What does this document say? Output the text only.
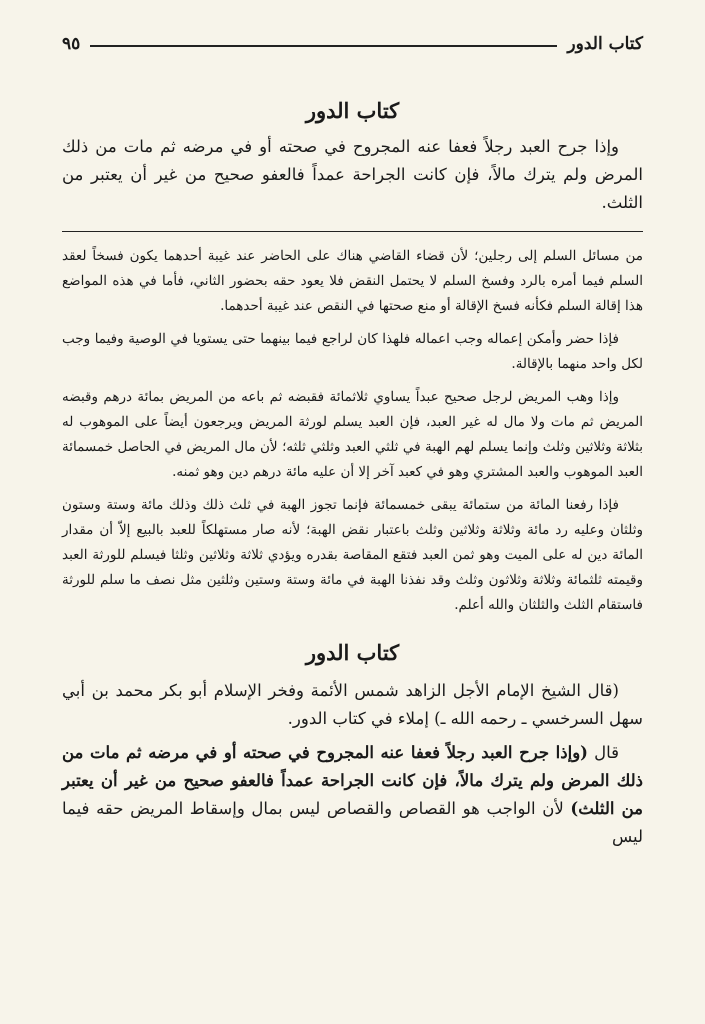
كتاب الدور
٩٥
كتاب الدور

وإذا جرح العبد رجلاً فعفا عنه المجروح في صحته أو في مرضه ثم مات من ذلك المرض ولم يترك مالاً، فإن كانت الجراحة عمداً فالعفو صحيح من غير أن يعتبر من الثلث.

من مسائل السلم إلى رجلين؛ لأن قضاء القاضي هناك على الحاضر عند غيبة أحدهما يكون فسخاً لعقد السلم فيما أمره بالرد وفسخ السلم لا يحتمل النقض فلا يعود حقه بحضور الثاني، فأما في هذه المواضع هذا إقالة السلم فكأنه فسخ الإقالة أو منع صحتها في النقص عند غيبة أحدهما.

فإذا حضر وأمكن إعماله وجب اعماله فلهذا كان لراجع فيما بينهما حتى يستويا في الوصية وفيما وجب لكل واحد منهما بالإقالة.

وإذا وهب المريض لرجل صحيح عبداً يساوي ثلاثمائة فقبضه ثم باعه من المريض بمائة درهم وقبضه المريض ثم مات ولا مال له غير العبد، فإن العبد يسلم لورثة المريض ويرجعون أيضاً على الموهوب له بثلاثة وثلاثين وثلث وإنما يسلم لهم الهبة في ثلثي العبد وثلثي ثلثه؛ لأن مال المريض في الحاصل خمسمائة العبد الموهوب والعبد المشتري وهو في كعبد آخر إلا أن عليه مائة درهم دين وهو ثمنه.

فإذا رفعنا المائة من ستمائة يبقى خمسمائة فإنما تجوز الهبة في ثلث ذلك وذلك مائة وستة وستون وثلثان وعليه رد مائة وثلاثة وثلاثين وثلث باعتبار نقض الهبة؛ لأنه صار مستهلكاً للعبد بالبيع إلاّ أن مقدار المائة دين له على الميت وهو ثمن العبد فتقع المقاصة بقدره ويؤدي ثلاثة وثلاثين وثلثا فيسلم للورثة العبد وقيمته ثلثمائة وثلاثة وثلاثون وثلث وقد نفذنا الهبة في مائة وستة وستين وثلثين مثل نصف ما سلم للورثة فاستقام الثلث والثلثان والله أعلم.

كتاب الدور

(قال الشيخ الإمام الأجل الزاهد شمس الأئمة وفخر الإسلام أبو بكر محمد بن أبي سهل السرخسي ـ رحمه الله ـ) إملاء في كتاب الدور.

قال (وإذا جرح العبد رجلاً فعفا عنه المجروح في صحته أو في مرضه ثم مات من ذلك المرض ولم يترك مالاً، فإن كانت الجراحة عمداً فالعفو صحيح من غير أن يعتبر من الثلث) لأن الواجب هو القصاص والقصاص ليس بمال وإسقاط المريض حقه فيما ليس
